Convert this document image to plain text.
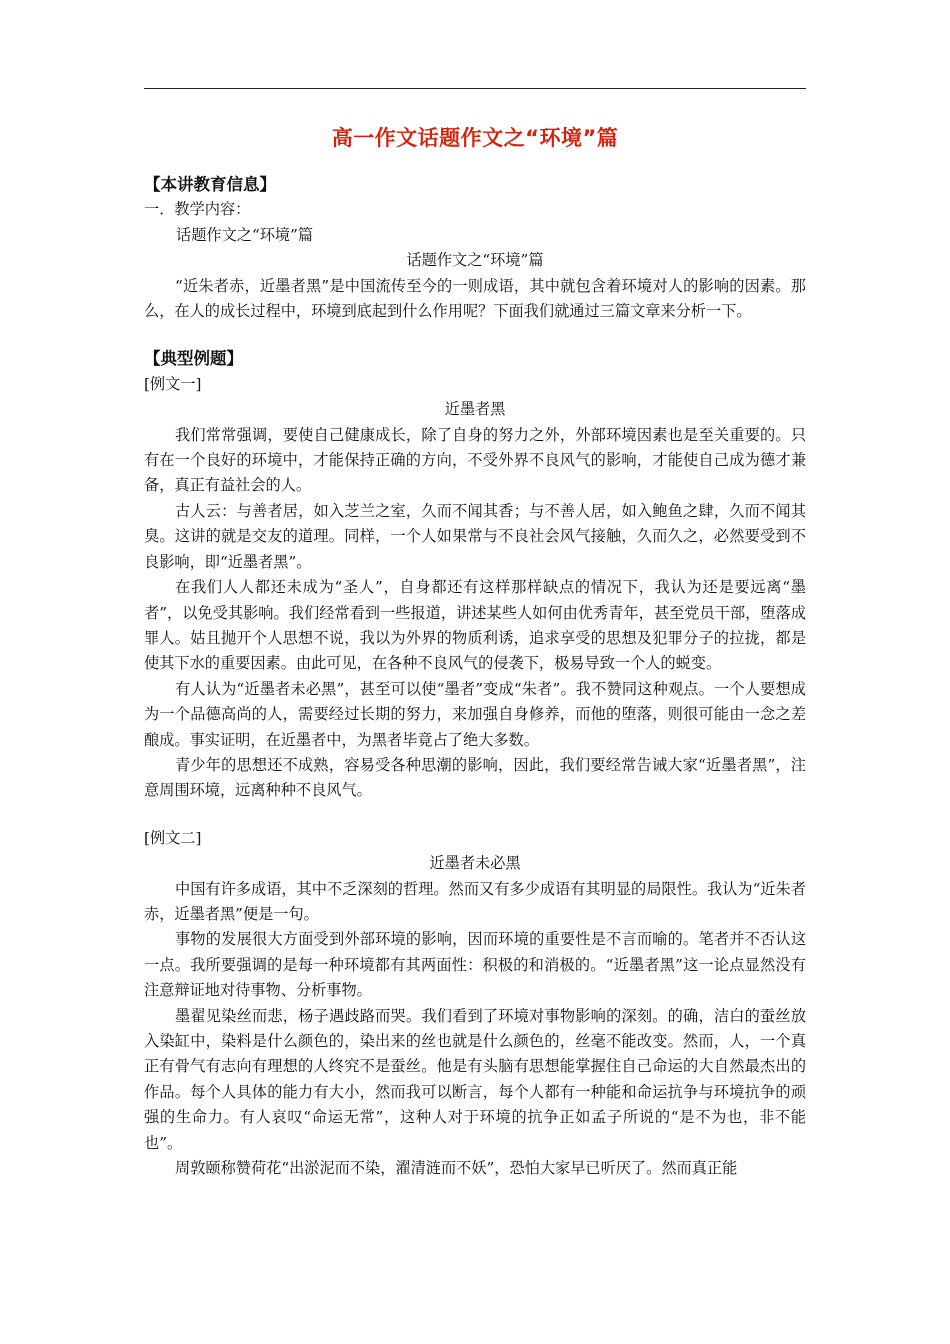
高一作文话题作文之“环境”篇
【本讲教育信息】
一．教学内容：
话题作文之“环境”篇
话题作文之“环境”篇

“近朱者赤，近墨者黑”是中国流传至今的一则成语，其中就包含着环境对人的影响的因素。那么，在人的成长过程中，环境到底起到什么作用呢？下面我们就通过三篇文章来分析一下。

【典型例题】
[例文一]
近墨者黑

我们常常强调，要使自己健康成长，除了自身的努力之外，外部环境因素也是至关重要的。只有在一个良好的环境中，才能保持正确的方向，不受外界不良风气的影响，才能使自己成为德才兼备，真正有益社会的人。

古人云：与善者居，如入芝兰之室，久而不闻其香；与不善人居，如入鲍鱼之肆，久而不闻其臭。这讲的就是交友的道理。同样，一个人如果常与不良社会风气接触，久而久之，必然要受到不良影响，即“近墨者黑”。

在我们人人都还未成为“圣人”，自身都还有这样那样缺点的情况下，我认为还是要远离“墨者”，以免受其影响。我们经常看到一些报道，讲述某些人如何由优秀青年，甚至党员干部，堕落成罪人。姑且抛开个人思想不说，我以为外界的物质利诱，追求享受的思想及犯罪分子的拉拢，都是使其下水的重要因素。由此可见，在各种不良风气的侵袭下，极易导致一个人的蜕变。

有人认为“近墨者未必黑”，甚至可以使“墨者”变成“朱者”。我不赞同这种观点。一个人要想成为一个品德高尚的人，需要经过长期的努力，来加强自身修养，而他的堕落，则很可能由一念之差酿成。事实证明，在近墨者中，为黑者毕竟占了绝大多数。

青少年的思想还不成熟，容易受各种思潮的影响，因此，我们要经常告诫大家“近墨者黑”，注意周围环境，远离种种不良风气。

[例文二]
近墨者未必黑

中国有许多成语，其中不乏深刻的哲理。然而又有多少成语有其明显的局限性。我认为“近朱者赤，近墨者黑”便是一句。

事物的发展很大方面受到外部环境的影响，因而环境的重要性是不言而喻的。笔者并不否认这一点。我所要强调的是每一种环境都有其两面性：积极的和消极的。“近墨者黑”这一论点显然没有注意辩证地对待事物、分析事物。

墨翟见染丝而悲，杨子遇歧路而哭。我们看到了环境对事物影响的深刻。的确，洁白的蚕丝放入染缸中，染料是什么颜色的，染出来的丝也就是什么颜色的，丝毫不能改变。然而，人，一个真正有骨气有志向有理想的人终究不是蚕丝。他是有头脑有思想能掌握住自己命运的大自然最杰出的作品。每个人具体的能力有大小，然而我可以断言，每个人都有一种能和命运抗争与环境抗争的顽强的生命力。有人哀叹“命运无常”，这种人对于环境的抗争正如孟子所说的“是不为也，非不能也”。

周敦颐称赞荷花“出淤泥而不染，濯清涟而不妖”，恐怕大家早已听厌了。然而真正能
